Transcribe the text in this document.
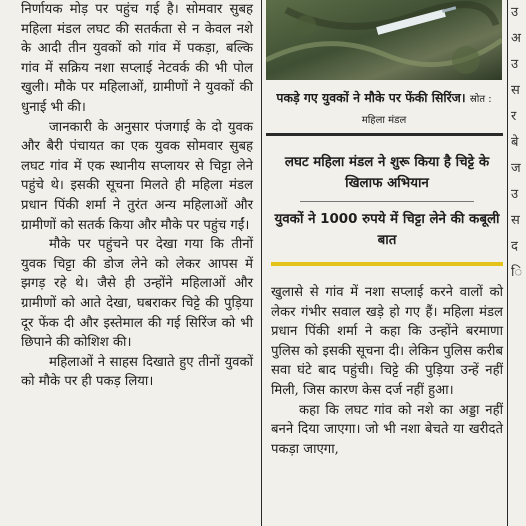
निर्णायक मोड़ पर पहुंच गई है। सोमवार सुबह महिला मंडल लघट की सतर्कता से न केवल नशे के आदी तीन युवकों को गांव में पकड़ा, बल्कि गांव में सक्रिय नशा सप्लाई नेटवर्क की भी पोल खुली। मौके पर महिलाओं, ग्रामीणों ने युवकों की धुनाई भी की।

जानकारी के अनुसार पंजगाई के दो युवक और बैरी पंचायत का एक युवक सोमवार सुबह लघट गांव में एक स्थानीय सप्लायर से चिट्टा लेने पहुंचे थे। इसकी सूचना मिलते ही महिला मंडल प्रधान पिंकी शर्मा ने तुरंत अन्य महिलाओं और ग्रामीणों को सतर्क किया और मौके पर पहुंच गईं।

मौके पर पहुंचने पर देखा गया कि तीनों युवक चिट्टा की डोज लेने को लेकर आपस में झगड़ रहे थे। जैसे ही उन्होंने महिलाओं और ग्रामीणों को आते देखा, घबराकर चिट्टे की पुड़िया दूर फेंक दी और इस्तेमाल की गई सिरिंज को भी छिपाने की कोशिश की।

महिलाओं ने साहस दिखाते हुए तीनों युवकों को मौके पर ही पकड़ लिया।

पकड़े गए युवकों ने मौके पर फेंकी सिरिंज। स्रोत : महिला मंडल
लघट महिला मंडल ने शुरू किया है चिट्टे के खिलाफ अभियान
युवकों ने 1000 रुपये में चिट्टा लेने की कबूली बात

खुलासे से गांव में नशा सप्लाई करने वालों को लेकर गंभीर सवाल खड़े हो गए हैं। महिला मंडल प्रधान पिंकी शर्मा ने कहा कि उन्होंने बरमाणा पुलिस को इसकी सूचना दी। लेकिन पुलिस करीब सवा घंटे बाद पहुंची। चिट्टे की पुड़िया उन्हें नहीं मिली, जिस कारण केस दर्ज नहीं हुआ।

कहा कि लघट गांव को नशे का अड्डा नहीं बनने दिया जाएगा। जो भी नशा बेचते या खरीदते पकड़ा जाएगा,

उ अ उ स र बे ज उ स द ि
